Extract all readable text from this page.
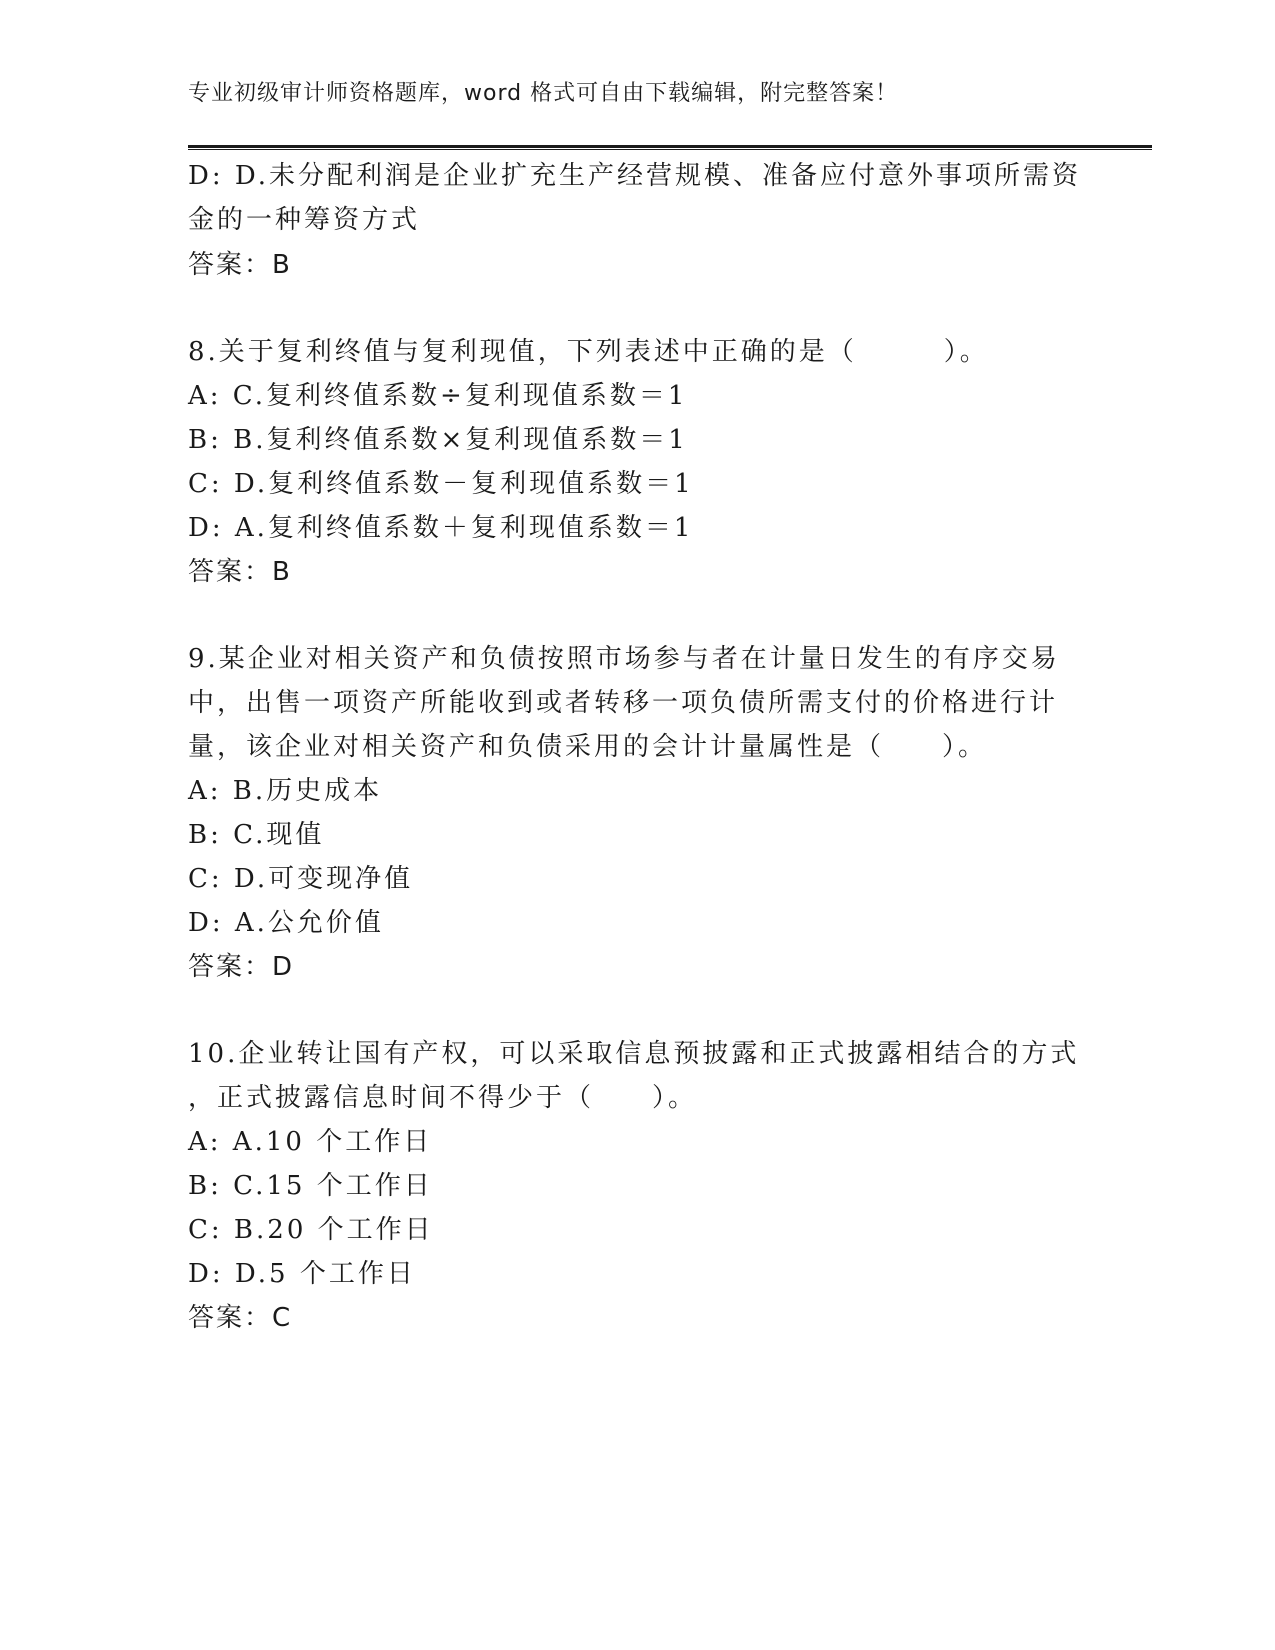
专业初级审计师资格题库，word 格式可自由下载编辑，附完整答案！
D: D.未分配利润是企业扩充生产经营规模、准备应付意外事项所需资
金的一种筹资方式
答案：B
8.关于复利终值与复利现值，下列表述中正确的是（　　　）。
A: C.复利终值系数÷复利现值系数＝1
B: B.复利终值系数×复利现值系数＝1
C: D.复利终值系数－复利现值系数＝1
D: A.复利终值系数＋复利现值系数＝1
答案：B
9.某企业对相关资产和负债按照市场参与者在计量日发生的有序交易
中，出售一项资产所能收到或者转移一项负债所需支付的价格进行计
量，该企业对相关资产和负债采用的会计计量属性是（　　）。
A: B.历史成本
B: C.现值
C: D.可变现净值
D: A.公允价值
答案：D
10.企业转让国有产权，可以采取信息预披露和正式披露相结合的方式
，正式披露信息时间不得少于（　　）。
A: A.10 个工作日
B: C.15 个工作日
C: B.20 个工作日
D: D.5 个工作日
答案：C
